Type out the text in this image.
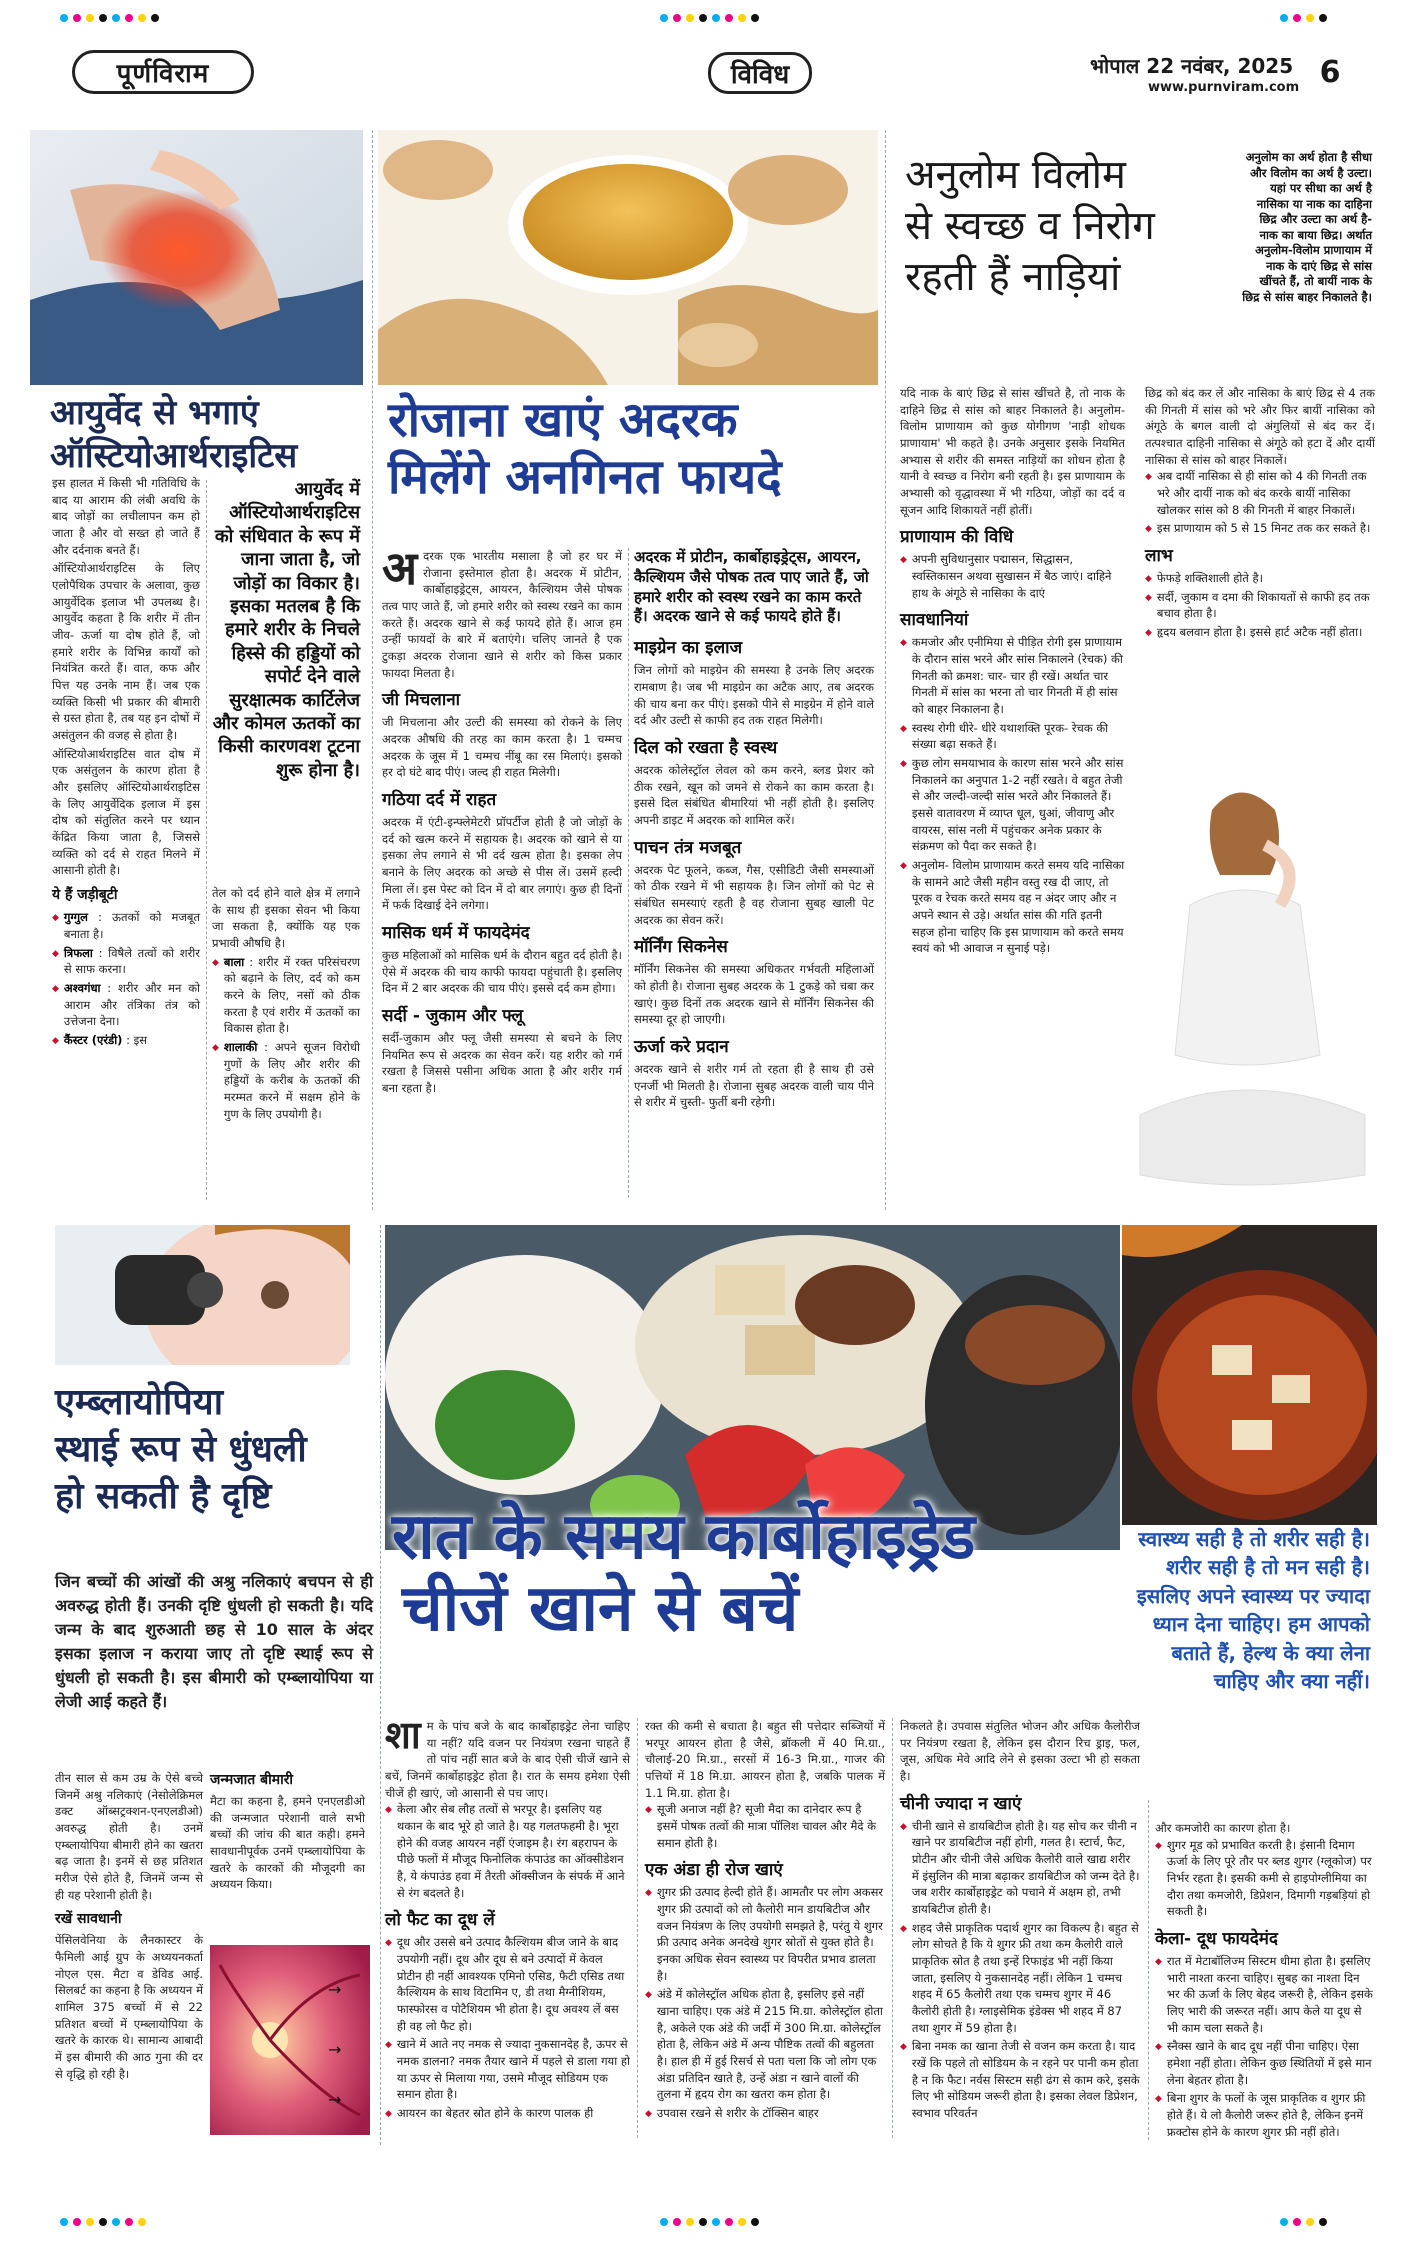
पूर्णविराम	विविध	भोपाल 22 नवंबर, 2025
www.purnviram.com 6
आयुर्वेद से भगाएं
ऑस्टियोआर्थराइटिस

इस हालत में किसी भी गतिविधि के बाद या आराम की लंबी अवधि के बाद जोड़ों का लचीलापन कम हो जाता है और वो सख्त हो जाते हैं और दर्दनाक बनते हैं।

ऑस्टियोआर्थराइटिस के लिए एलोपैथिक उपचार के अलावा, कुछ आयुर्वेदिक इलाज भी उपलब्ध है। आयुर्वेद कहता है कि शरीर में तीन जीव- ऊर्जा या दोष होते हैं, जो हमारे शरीर के विभिन्न कार्यों को नियंत्रित करते हैं। वात, कफ और पित्त यह उनके नाम हैं। जब एक व्यक्ति किसी भी प्रकार की बीमारी से ग्रस्त होता है, तब यह इन दोषों में असंतुलन की वजह से होता है।

ऑस्टियोआर्थराइटिस वात दोष में एक असंतुलन के कारण होता है और इसलिए ऑस्टियोआर्थराइटिस के लिए आयुर्वेदिक इलाज में इस दोष को संतुलित करने पर ध्यान केंद्रित किया जाता है, जिससे व्यक्ति को दर्द से राहत मिलने में आसानी होती है।

ये हैं जड़ीबूटी
◆ गुग्गुल : ऊतकों को मजबूत बनाता है।
◆ त्रिफला : विषैले तत्वों को शरीर से साफ करना।
◆ अश्वगंधा : शरीर और मन को आराम और तंत्रिका तंत्र को उत्तेजना देना।
◆ कैंस्टर (एरंडी) : इस
आयुर्वेद में ऑस्टियोआर्थराइटिस को संधिवात के रूप में जाना जाता है, जो जोड़ों का विकार है। इसका मतलब है कि हमारे शरीर के निचले हिस्से की हड्डियों को सपोर्ट देने वाले सुरक्षात्मक कार्टिलेज और कोमल ऊतकों का किसी कारणवश टूटना शुरू होना है।

तेल को दर्द होने वाले क्षेत्र में लगाने के साथ ही इसका सेवन भी किया जा सकता है, क्योंकि यह एक प्रभावी औषधि है।

◆ बाला : शरीर में रक्त परिसंचरण को बढ़ाने के लिए, दर्द को कम करने के लिए, नसों को ठीक करता है एवं शरीर में ऊतकों का विकास होता है।
◆ शालाकी : अपने सूजन विरोधी गुणों के लिए और शरीर की हड्डियों के करीब के ऊतकों की मरम्मत करने में सक्षम होने के गुण के लिए उपयोगी है।
रोजाना खाएं अदरक
मिलेंगे अनगिनत फायदे
अ दरक एक भारतीय मसाला है जो हर घर में रोजाना इस्तेमाल होता है। अदरक में प्रोटीन, कार्बोहाइड्रेट्स, आयरन, कैल्शियम जैसे पोषक तत्व पाए जाते हैं, जो हमारे शरीर को स्वस्थ रखने का काम करते हैं। अदरक खाने से कई फायदे होते हैं। आज हम उन्हीं फायदों के बारे में बताएंगे। चलिए जानते है एक टुकड़ा अदरक रोजाना खाने से शरीर को किस प्रकार फायदा मिलता है।
जी मिचलाना
जी मिचलाना और उल्टी की समस्या को रोकने के लिए अदरक औषधि की तरह का काम करता है। 1 चम्मच अदरक के जूस में 1 चम्मच नींबू का रस मिलाएं। इसको हर दो घंटे बाद पीएं। जल्द ही राहत मिलेगी।
गठिया दर्द में राहत
अदरक में एंटी-इन्फ्लेमेटरी प्रॉपर्टीज होती है जो जोड़ों के दर्द को खत्म करने में सहायक है। अदरक को खाने से या इसका लेप लगाने से भी दर्द खत्म होता है। इसका लेप बनाने के लिए अदरक को अच्छे से पीस लें। उसमें हल्दी मिला लें। इस पेस्ट को दिन में दो बार लगाएं। कुछ ही दिनों में फर्क दिखाई देने लगेगा।
मासिक धर्म में फायदेमंद
कुछ महिलाओं को मासिक धर्म के दौरान बहुत दर्द होती है। ऐसे में अदरक की चाय काफी फायदा पहुंचाती है। इसलिए दिन में 2 बार अदरक की चाय पीएं। इससे दर्द कम होगा।
सर्दी - जुकाम और फ्लू
सर्दी-जुकाम और फ्लू जैसी समस्या से बचने के लिए नियमित रूप से अदरक का सेवन करें। यह शरीर को गर्म रखता है जिससे पसीना अधिक आता है और शरीर गर्म बना रहता है।
अदरक में प्रोटीन, कार्बोहाइड्रेट्स, आयरन, कैल्शियम जैसे पोषक तत्व पाए जाते हैं, जो हमारे शरीर को स्वस्थ रखने का काम करते हैं। अदरक खाने से कई फायदे होते हैं।
माइग्रेन का इलाज
जिन लोगों को माइग्रेन की समस्या है उनके लिए अदरक रामबाण है। जब भी माइग्रेन का अटैक आए, तब अदरक की चाय बना कर पीएं। इसको पीने से माइग्रेन में होने वाले दर्द और उल्टी से काफी हद तक राहत मिलेगी।
दिल को रखता है स्वस्थ
अदरक कोलेस्ट्रॉल लेवल को कम करने, ब्लड प्रेशर को ठीक रखने, खून को जमने से रोकने का काम करता है। इससे दिल संबंधित बीमारियां भी नहीं होती है। इसलिए अपनी डाइट में अदरक को शामिल करें।
पाचन तंत्र मजबूत
अदरक पेट फूलने, कब्ज, गैस, एसीडिटी जैसी समस्याओं को ठीक रखने में भी सहायक है। जिन लोगों को पेट से संबंधित समस्याएं रहती है वह रोजाना सुबह खाली पेट अदरक का सेवन करें।
मॉर्निंग सिकनेस
मॉर्निंग सिकनेस की समस्या अधिकतर गर्भवती महिलाओं को होती है। रोजाना सुबह अदरक के 1 टुकड़े को चबा कर खाएं। कुछ दिनों तक अदरक खाने से मॉर्निंग सिकनेस की समस्या दूर हो जाएगी।
ऊर्जा करे प्रदान
अदरक खाने से शरीर गर्म तो रहता ही है साथ ही उसे एनर्जी भी मिलती है। रोजाना सुबह अदरक वाली चाय पीने से शरीर में चुस्ती- फुर्ती बनी रहेगी।
अनुलोम विलोम
से स्वच्छ व निरोग
रहती हैं नाड़ियां
अनुलोम का अर्थ होता है सीधा और विलोम का अर्थ है उल्टा। यहां पर सीधा का अर्थ है नासिका या नाक का दाहिना छिद्र और उल्टा का अर्थ है- नाक का बाया छिद्र। अर्थात अनुलोम-विलोम प्राणायाम में नाक के दाएं छिद्र से सांस खींचते हैं, तो बायीं नाक के छिद्र से सांस बाहर निकालते है।
यदि नाक के बाएं छिद्र से सांस खींचते है, तो नाक के दाहिने छिद्र से सांस को बाहर निकालते है। अनुलोम- विलोम प्राणायाम को कुछ योगीगण 'नाड़ी शोधक प्राणायाम' भी कहते है। उनके अनुसार इसके नियमित अभ्यास से शरीर की समस्त नाड़ियों का शोधन होता है यानी वे स्वच्छ व निरोग बनी रहती है। इस प्राणायाम के अभ्यासी को वृद्धावस्था में भी गठिया, जोड़ों का दर्द व सूजन आदि शिकायतें नहीं होतीं।
प्राणायाम की विधि
◆ अपनी सुविधानुसार पद्मासन, सिद्धासन, स्वस्तिकासन अथवा सुखासन में बैठ जाएं। दाहिने हाथ के अंगूठे से नासिका के दाएं
सावधानियां
◆ कमजोर और एनीमिया से पीड़ित रोगी इस प्राणायाम के दौरान सांस भरने और सांस निकालने (रेचक) की गिनती को क्रमश: चार- चार ही रखें। अर्थात चार गिनती में सांस का भरना तो चार गिनती में ही सांस को बाहर निकालना है।
◆ स्वस्थ रोगी धीरे- धीरे यथाशक्ति पूरक- रेचक की संख्या बढ़ा सकते हैं।
◆ कुछ लोग समयाभाव के कारण सांस भरने और सांस निकालने का अनुपात 1-2 नहीं रखते। वे बहुत तेजी से और जल्दी-जल्दी सांस भरते और निकालते हैं। इससे वातावरण में व्याप्त धूल, धुआं, जीवाणु और वायरस, सांस नली में पहुंचकर अनेक प्रकार के संक्रमण को पैदा कर सकते है।
◆ अनुलोम- विलोम प्राणायाम करते समय यदि नासिका के सामने आटे जैसी महीन वस्तु रख दी जाए, तो पूरक व रेचक करते समय वह न अंदर जाए और न अपने स्थान से उड़े। अर्थात सांस की गति इतनी सहज होना चाहिए कि इस प्राणायाम को करते समय स्वयं को भी आवाज न सुनाई पड़े।
छिद्र को बंद कर लें और नासिका के बाएं छिद्र से 4 तक की गिनती में सांस को भरे और फिर बायीं नासिका को अंगूठे के बगल वाली दो अंगुलियों से बंद कर दें। तत्पश्चात दाहिनी नासिका से अंगूठे को हटा दें और दायीं नासिका से सांस को बाहर निकालें।
◆ अब दायीं नासिका से ही सांस को 4 की गिनती तक भरे और दायीं नाक को बंद करके बायीं नासिका खोलकर सांस को 8 की गिनती में बाहर निकालें।
◆ इस प्राणायाम को 5 से 15 मिनट तक कर सकते है।
लाभ
◆ फेफड़े शक्तिशाली होते है।
◆ सर्दी, जुकाम व दमा की शिकायतों से काफी हद तक बचाव होता है।
◆ हृदय बलवान होता है। इससे हार्ट अटैक नहीं होता।
एम्ब्लायोपिया
स्थाई रूप से धुंधली
हो सकती है दृष्टि
जिन बच्चों की आंखों की अश्रु नलिकाएं बचपन से ही अवरुद्ध होती हैं। उनकी दृष्टि धुंधली हो सकती है। यदि जन्म के बाद शुरुआती छह से 10 साल के अंदर इसका इलाज न कराया जाए तो दृष्टि स्थाई रूप से धुंधली हो सकती है। इस बीमारी को एम्ब्लायोपिया या लेजी आई कहते हैं।
तीन साल से कम उम्र के ऐसे बच्चे जिनमें अश्रु नलिकाएं (नेसोलेक्रिमल डक्ट ऑब्सट्रक्शन-एनएलडीओ) अवरुद्ध होती है। उनमें एम्ब्लायोपिया बीमारी होने का खतरा बढ़ जाता है। इनमें से छह प्रतिशत मरीज ऐसे होते है, जिनमें जन्म से ही यह परेशानी होती है।
रखें सावधानी
पेंसिलवेनिया के लैनकास्टर के फैमिली आई ग्रुप के अध्ययनकर्ता नोएल एस. मैटा व डेविड आई. सिलबर्ट का कहना है कि अध्ययन में शामिल 375 बच्चों में से 22 प्रतिशत बच्चों में एम्ब्लायोपिया के खतरे के कारक थे। सामान्य आबादी में इस बीमारी की आठ गुना की दर से वृद्धि हो रही है।
जन्मजात बीमारी
मैटा का कहना है, हमने एनएलडीओ की जन्मजात परेशानी वाले सभी बच्चों की जांच की बात कही। हमने सावधानीपूर्वक उनमें एम्ब्लायोपिया के खतरे के कारकों की मौजूदगी का अध्ययन किया।
→
→
→
रात के समय कार्बोहाइड्रेड
चीजें खाने से बचें
स्वास्थ्य सही है तो शरीर सही है। शरीर सही है तो मन सही है। इसलिए अपने स्वास्थ्य पर ज्यादा ध्यान देना चाहिए। हम आपको बताते हैं, हेल्थ के क्या लेना चाहिए और क्या नहीं।
शा म के पांच बजे के बाद कार्बोहाइड्रेट लेना चाहिए या नहीं? यदि वजन पर नियंत्रण रखना चाहते हैं तो पांच नहीं सात बजे के बाद ऐसी चीजें खाने से बचें, जिनमें कार्बोहाइड्रेट होता है। रात के समय हमेशा ऐसी चीजें ही खाएं, जो आसानी से पच जाए।
◆ केला और सेब लौह तत्वों से भरपूर है। इसलिए यह थकान के बाद भूरे हो जाते है। यह गलतफहमी है। भूरा होने की वजह आयरन नहीं एंजाइम है। रंग बहरापन के पीछे फलों में मौजूद फिनोलिक कंपाउंड का ऑक्सीडेशन है, ये कंपाउंड हवा में तैरती ऑक्सीजन के संपर्क में आने से रंग बदलते है।
लो फैट का दूध लें
◆ दूध और उससे बने उत्पाद कैल्शियम बीज जाने के बाद उपयोगी नहीं। दूध और दूध से बने उत्पादों में केवल प्रोटीन ही नहीं आवश्यक एमिनो एसिड, फैटी एसिड तथा कैल्शियम के साथ विटामिन ए, डी तथा मैग्नीशियम, फास्फोरस व पोटैशियम भी होता है। दूध अवश्य लें बस ही वह लो फैट हो।
◆ खाने में आते नए नमक से ज्यादा नुकसानदेह है, ऊपर से नमक डालना? नमक तैयार खाने में पहले से डाला गया हो या ऊपर से मिलाया गया, उसमे मौजूद सोडियम एक समान होता है।
◆ आयरन का बेहतर स्रोत होने के कारण पालक ही
रक्त की कमी से बचाता है। बहुत सी पत्तेदार सब्जियों में भरपूर आयरन होता है जैसे, ब्रॉकली में 40 मि.ग्रा., चौलाई-20 मि.ग्रा., सरसों में 16-3 मि.ग्रा., गाजर की पत्तियों में 18 मि.ग्रा. आयरन होता है, जबकि पालक में 1.1 मि.ग्रा. होता है।
◆ सूजी अनाज नहीं है? सूजी मैदा का दानेदार रूप है इसमें पोषक तत्वों की मात्रा पॉलिश चावल और मैदे के समान होती है।
एक अंडा ही रोज खाएं
◆ शुगर फ्री उत्पाद हेल्दी होते हैं। आमतौर पर लोग अकसर शुगर फ्री उत्पादों को लो कैलोरी मान डायबिटीज और वजन नियंत्रण के लिए उपयोगी समझते है, परंतु ये शुगर फ्री उत्पाद अनेक अनदेखे शुगर स्रोतों से युक्त होते है। इनका अधिक सेवन स्वास्थ्य पर विपरीत प्रभाव डालता है।
◆ अंडे में कोलेस्ट्रॉल अधिक होता है, इसलिए इसे नहीं खाना चाहिए। एक अंडे में 215 मि.ग्रा. कोलेस्ट्रॉल होता है, अकेले एक अंडे की जर्दी में 300 मि.ग्रा. कोलेस्ट्रॉल होता है, लेकिन अंडे में अन्य पौष्टिक तत्वों की बहुलता है। हाल ही में हुई रिसर्च से पता चला कि जो लोग एक अंडा प्रतिदिन खाते है, उन्हें अंडा न खाने वालों की तुलना में हृदय रोग का खतरा कम होता है।
◆ उपवास रखने से शरीर के टॉक्सिन बाहर
निकलते है। उपवास संतुलित भोजन और अधिक कैलोरीज पर नियंत्रण रखता है, लेकिन इस दौरान रिच ड्राइ, फल, जूस, अधिक मेवे आदि लेने से इसका उल्टा भी हो सकता है।
चीनी ज्यादा न खाएं
◆ चीनी खाने से डायबिटीज होती है। यह सोच कर चीनी न खाने पर डायबिटीज नहीं होगी, गलत है। स्टार्च, फैट, प्रोटीन और चीनी जैसे अधिक कैलोरी वाले खाद्य शरीर में इंसुलिन की मात्रा बढ़ाकर डायबिटीज को जन्म देते है। जब शरीर कार्बोहाइड्रेट को पचाने में अक्षम हो, तभी डायबिटीज होती है।
◆ शहद जैसे प्राकृतिक पदार्थ शुगर का विकल्प है। बहुत से लोग सोचते है कि ये शुगर फ्री तथा कम कैलोरी वाले प्राकृतिक स्रोत है तथा इन्हें रिफाइंड भी नहीं किया जाता, इसलिए ये नुकसानदेह नहीं। लेकिन 1 चम्मच शहद में 65 कैलोरी तथा एक चम्मच शुगर में 46 कैलोरी होती है। ग्लाइसेमिक इंडेक्स भी शहद में 87 तथा शुगर में 59 होता है।
◆ बिना नमक का खाना तेजी से वजन कम करता है। याद रखें कि पहले तो सोडियम के न रहने पर पानी कम होता है न कि फैट। नर्वस सिस्टम सही ढंग से काम करे, इसके लिए भी सोडियम जरूरी होता है। इसका लेवल डिप्रेशन, स्वभाव परिवर्तन
और कमजोरी का कारण होता है।
◆ शुगर मूड को प्रभावित करती है। इंसानी दिमाग ऊर्जा के लिए पूरे तौर पर ब्लड शुगर (ग्लूकोज) पर निर्भर रहता है। इसकी कमी से हाइपोग्लीमिया का दौरा तथा कमजोरी, डिप्रेशन, दिमागी गड़बड़ियां हो सकती है।
केला- दूध फायदेमंद
◆ रात में मेटाबॉलिज्म सिस्टम धीमा होता है। इसलिए भारी नाश्ता करना चाहिए। सुबह का नाश्ता दिन भर की ऊर्जा के लिए बेहद जरूरी है, लेकिन इसके लिए भारी की जरूरत नहीं। आप केले या दूध से भी काम चला सकते है।
◆ स्नैक्स खाने के बाद दूध नहीं पीना चाहिए। ऐसा हमेशा नहीं होता। लेकिन कुछ स्थितियों में इसे मान लेना बेहतर होता है।
◆ बिना शुगर के फलों के जूस प्राकृतिक व शुगर फ्री होते हैं। ये लो कैलोरी जरूर होते है, लेकिन इनमें फ्रक्टोस होने के कारण शुगर फ्री नहीं होते।
